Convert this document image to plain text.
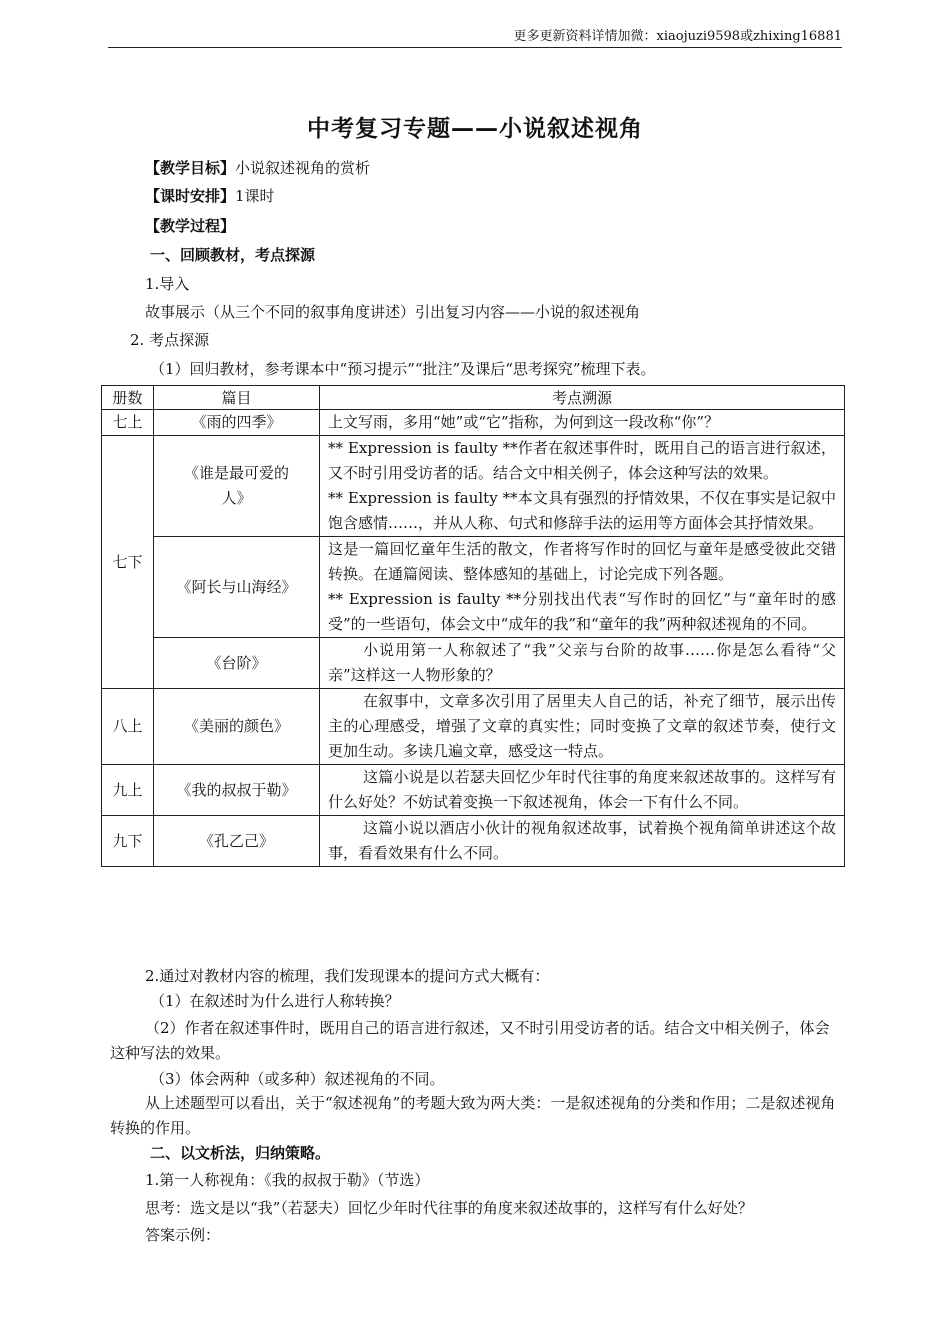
更多更新资料详情加微：xiaojuzi9598或zhixing16881
中考复习专题——小说叙述视角
【教学目标】小说叙述视角的赏析
【课时安排】1课时
【教学过程】
一、回顾教材，考点探源
1.导入
故事展示（从三个不同的叙事角度讲述）引出复习内容——小说的叙述视角
2. 考点探源
（1）回归教材，参考课本中“预习提示”“批注”及课后“思考探究”梳理下表。
册数	篇目	考点溯源
七上	《雨的四季》	上文写雨，多用“她”或“它”指称，为何到这一段改称“你”？

七下	《谁是最可爱的人》	** Expression is faulty **作者在叙述事件时，既用自己的语言进行叙述，又不时引用受访者的话。结合文中相关例子，体会这种写法的效果。

** Expression is faulty **本文具有强烈的抒情效果，不仅在事实是记叙中饱含感情……，并从人称、句式和修辞手法的运用等方面体会其抒情效果。

	《阿长与山海经》	这是一篇回忆童年生活的散文，作者将写作时的回忆与童年是感受彼此交错转换。在通篇阅读、整体感知的基础上，讨论完成下列各题。

** Expression is faulty **分别找出代表“写作时的回忆”与“童年时的感受”的一些语句，体会文中“成年的我”和“童年的我”两种叙述视角的不同。

	《台阶》	小说用第一人称叙述了“我”父亲与台阶的故事……你是怎么看待“父亲”这样这一人物形象的？

八上	《美丽的颜色》	在叙事中，文章多次引用了居里夫人自己的话，补充了细节，展示出传主的心理感受，增强了文章的真实性；同时变换了文章的叙述节奏，使行文更加生动。多读几遍文章，感受这一特点。

九上	《我的叔叔于勒》	这篇小说是以若瑟夫回忆少年时代往事的角度来叙述故事的。这样写有什么好处？不妨试着变换一下叙述视角，体会一下有什么不同。

九下	《孔乙己》	这篇小说以酒店小伙计的视角叙述故事，试着换个视角简单讲述这个故事，看看效果有什么不同。

2.通过对教材内容的梳理，我们发现课本的提问方式大概有：
（1）在叙述时为什么进行人称转换？
（2）作者在叙述事件时，既用自己的语言进行叙述，又不时引用受访者的话。结合文中相关例子，体会这种写法的效果。
（3）体会两种（或多种）叙述视角的不同。
从上述题型可以看出，关于“叙述视角”的考题大致为两大类：一是叙述视角的分类和作用；二是叙述视角转换的作用。
二、以文析法，归纳策略。
1.第一人称视角：《我的叔叔于勒》（节选）
思考：选文是以“我”（若瑟夫）回忆少年时代往事的角度来叙述故事的，这样写有什么好处？
答案示例：
